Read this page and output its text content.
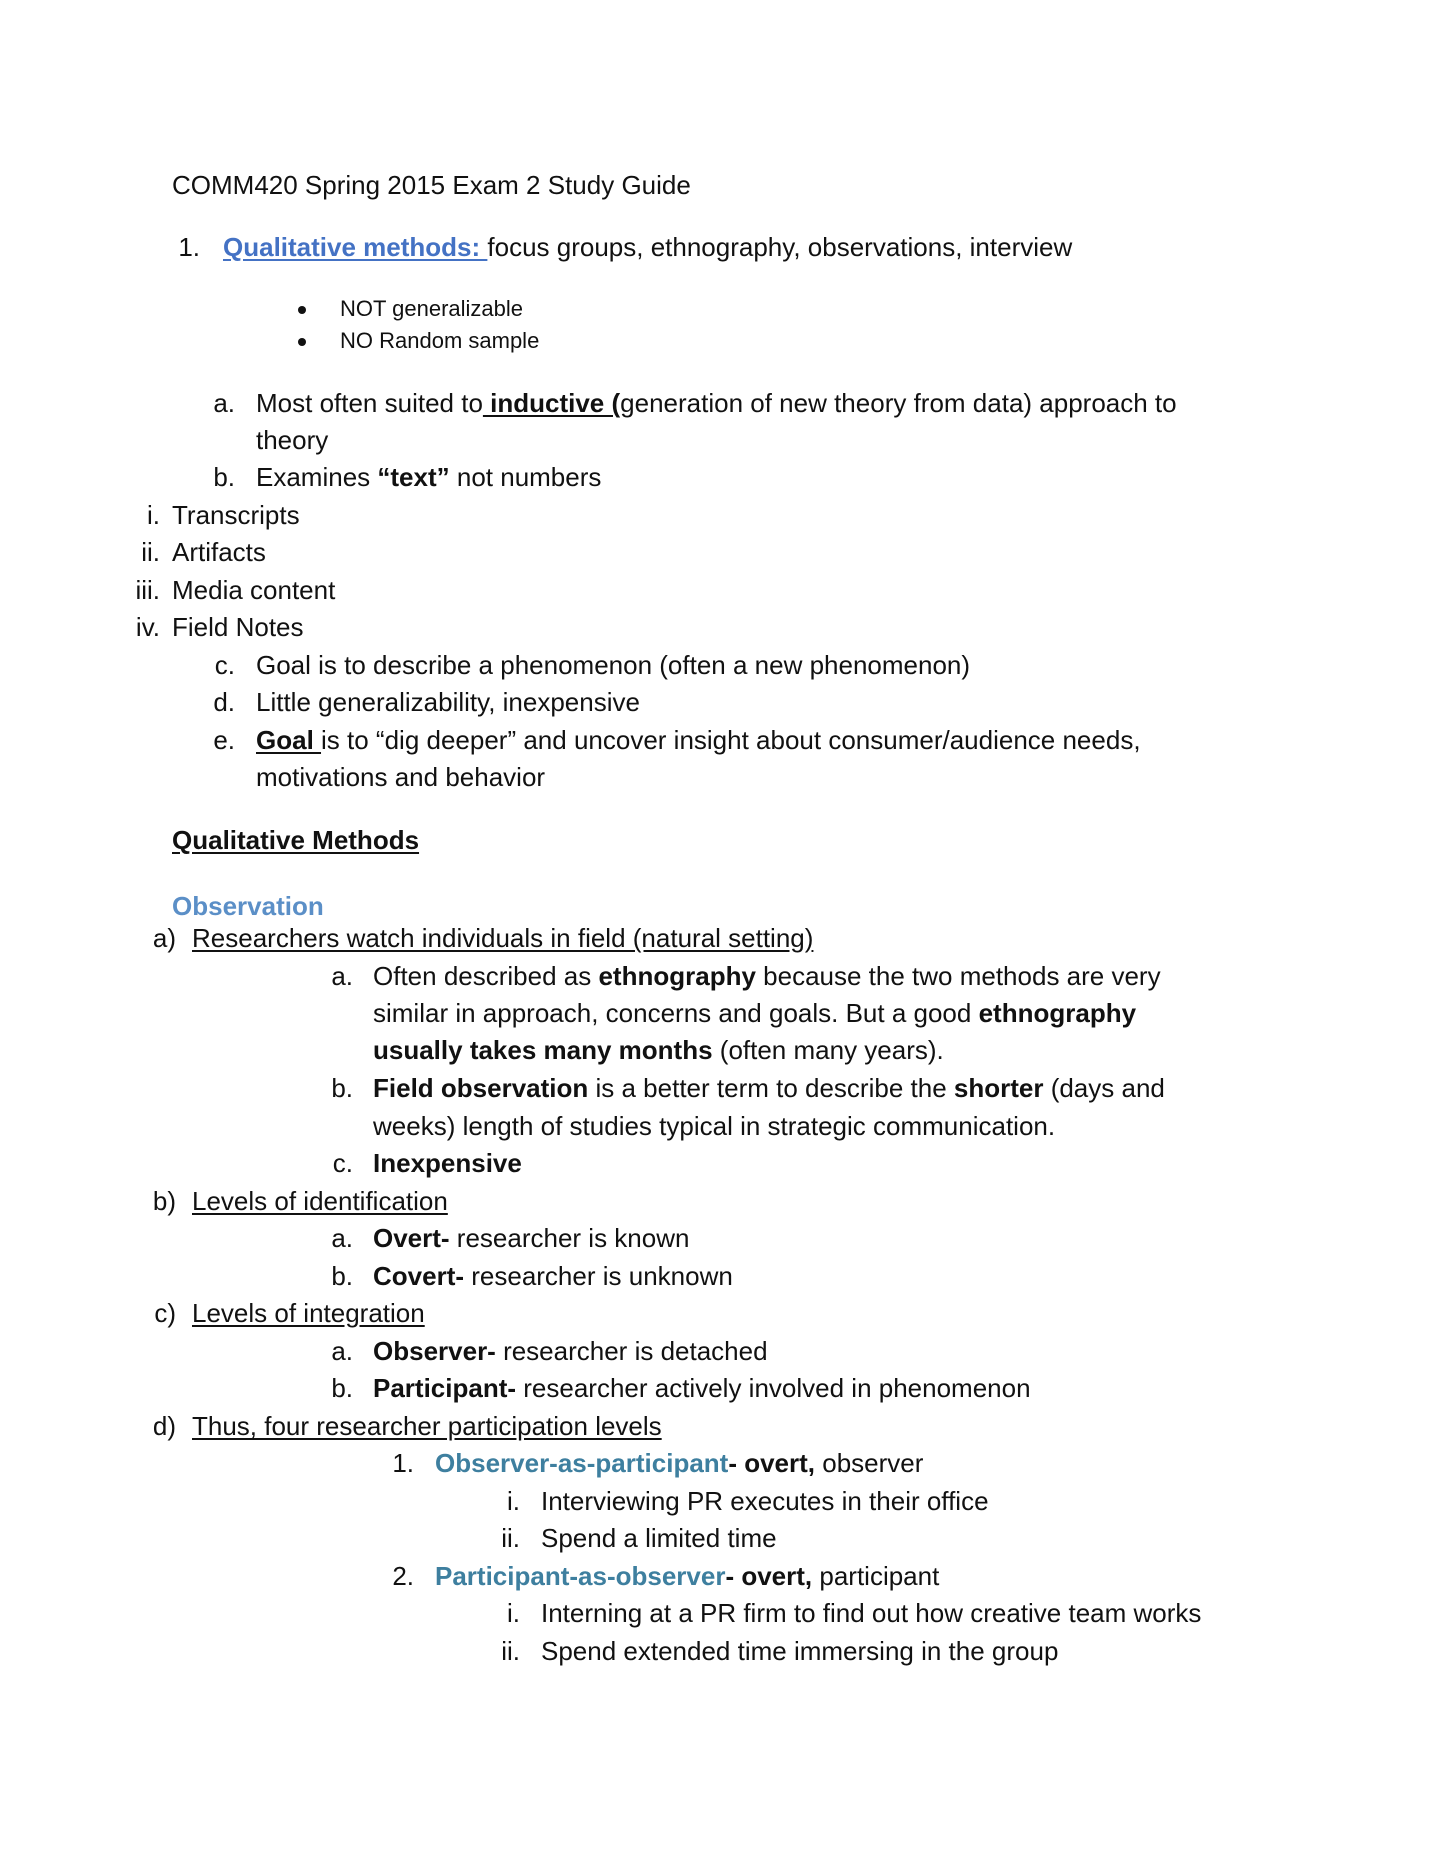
COMM420 Spring 2015 Exam 2 Study Guide
1. Qualitative methods: focus groups, ethnography, observations, interview
NOT generalizable
NO Random sample
a. Most often suited to inductive (generation of new theory from data) approach to
theory
b. Examines “text” not numbers
i. Transcripts
ii. Artifacts
iii. Media content
iv. Field Notes
c. Goal is to describe a phenomenon (often a new phenomenon)
d. Little generalizability, inexpensive
e. Goal is to “dig deeper” and uncover insight about consumer/audience needs,
motivations and behavior
Qualitative Methods
Observation
a) Researchers watch individuals in field (natural setting)
a. Often described as ethnography because the two methods are very
similar in approach, concerns and goals. But a good ethnography
usually takes many months (often many years).
b. Field observation is a better term to describe the shorter (days and
weeks) length of studies typical in strategic communication.
c. Inexpensive
b) Levels of identification
a. Overt- researcher is known
b. Covert- researcher is unknown
c) Levels of integration
a. Observer- researcher is detached
b. Participant- researcher actively involved in phenomenon
d) Thus, four researcher participation levels
1. Observer-as-participant- overt, observer
i. Interviewing PR executes in their office
ii. Spend a limited time
2. Participant-as-observer- overt, participant
i. Interning at a PR firm to find out how creative team works
ii. Spend extended time immersing in the group
